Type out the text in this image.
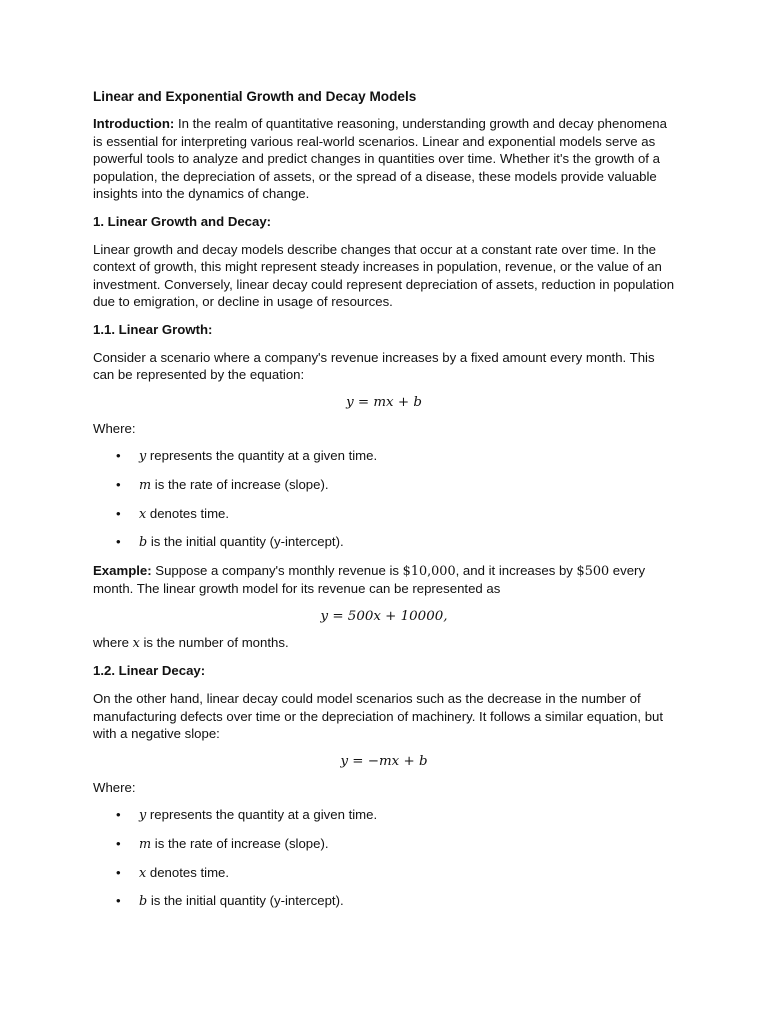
Linear and Exponential Growth and Decay Models

Introduction: In the realm of quantitative reasoning, understanding growth and decay phenomena is essential for interpreting various real-world scenarios. Linear and exponential models serve as powerful tools to analyze and predict changes in quantities over time. Whether it's the growth of a population, the depreciation of assets, or the spread of a disease, these models provide valuable insights into the dynamics of change.

1. Linear Growth and Decay:

Linear growth and decay models describe changes that occur at a constant rate over time. In the context of growth, this might represent steady increases in population, revenue, or the value of an investment. Conversely, linear decay could represent depreciation of assets, reduction in population due to emigration, or decline in usage of resources.

1.1. Linear Growth:

Consider a scenario where a company's revenue increases by a fixed amount every month. This can be represented by the equation:

y = mx + b

Where:

• y represents the quantity at a given time.
• m is the rate of increase (slope).
• x denotes time.
• b is the initial quantity (y-intercept).

Example: Suppose a company's monthly revenue is $10,000, and it increases by $500 every month. The linear growth model for its revenue can be represented as

y = 500x + 10000,

where x is the number of months.

1.2. Linear Decay:

On the other hand, linear decay could model scenarios such as the decrease in the number of manufacturing defects over time or the depreciation of machinery. It follows a similar equation, but with a negative slope:

y = −mx + b

Where:

• y represents the quantity at a given time.
• m is the rate of increase (slope).
• x denotes time.
• b is the initial quantity (y-intercept).
